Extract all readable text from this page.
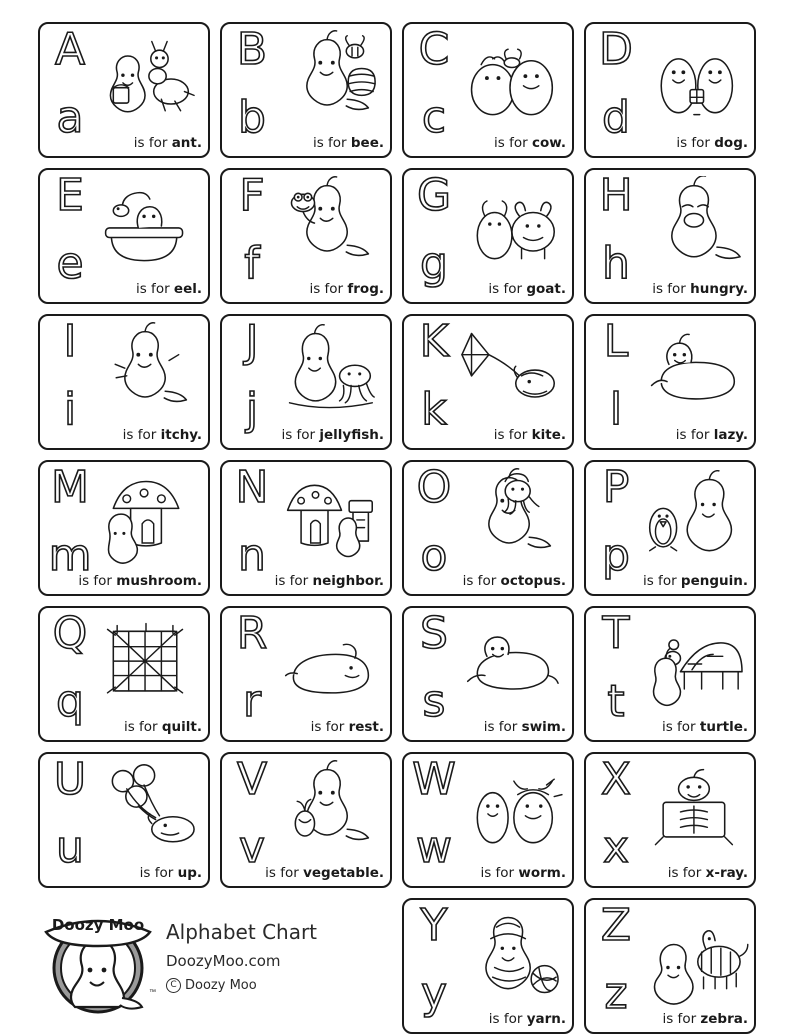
A
a	is for ant.
B
b	is for bee.
C
c	is for cow.
D
d	is for dog.
E
e	is for eel.
F
f	is for frog.
G
g	is for goat.
H
h	is for hungry.
I
i	is for itchy.
J
j	is for jellyfish.
K
k	is for kite.
L
l	is for lazy.
M
m
is for mushroom.
N
n is for neighbor.
O
o	is for octopus.
P
p is for penguin.
Q
q	is for quilt.
R
r	is for rest.
S
s	is for swim.
T
t	is for turtle.
U
u	is for up.
V
v is for vegetable.
W
w	is for worm.
X
x	is for x-ray.
Doozy Moo
™
Alphabet Chart
DoozyMoo.com
C Doozy Moo
Y
y	is for yarn.
Z
z	is for zebra.
